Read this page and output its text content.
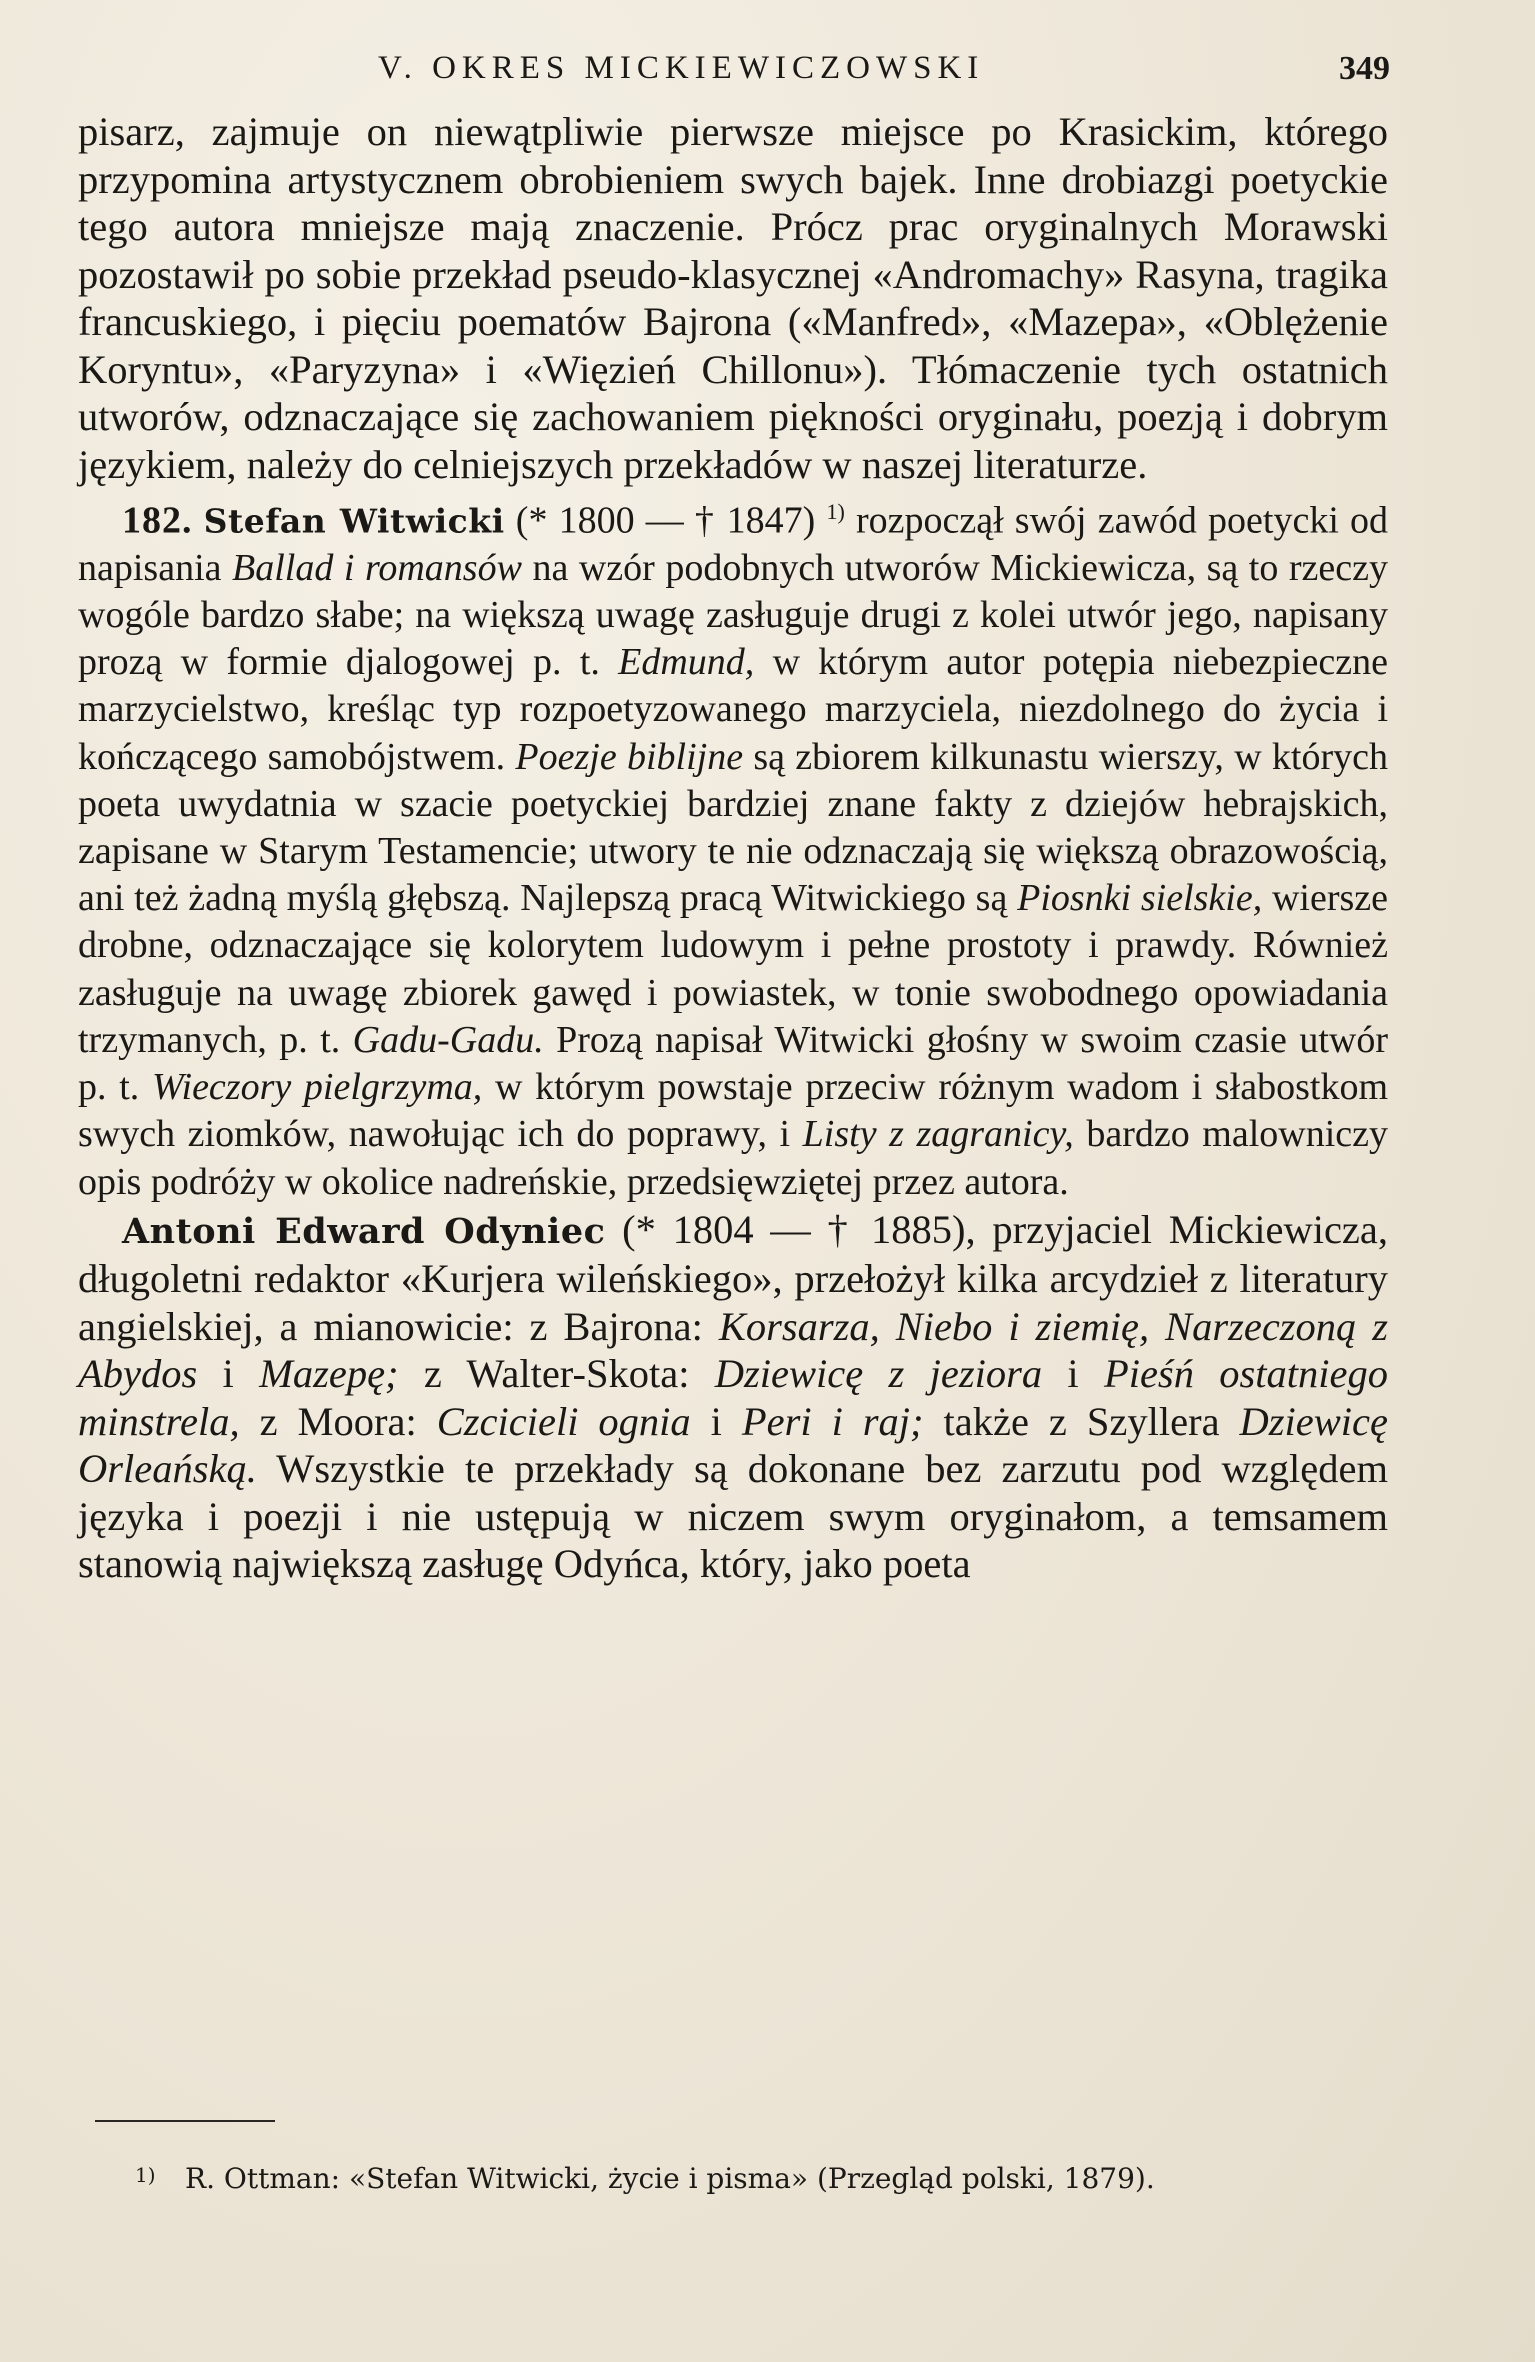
V. OKRES MICKIEWICZOWSKI	349

pisarz, zajmuje on niewątpliwie pierwsze miejsce po Krasickim, którego przypomina artystycznem obrobieniem swych bajek. Inne drobiazgi poetyckie tego autora mniejsze mają znaczenie. Prócz prac oryginalnych Morawski pozostawił po sobie przekład pseudo-klasycznej «Andromachy» Rasyna, tragika francuskiego, i pięciu poematów Bajrona («Manfred», «Mazepa», «Oblężenie Koryntu», «Paryzyna» i «Więzień Chillonu»). Tłómaczenie tych ostatnich utworów, odznaczające się zachowaniem piękności oryginału, poezją i dobrym językiem, należy do celniejszych przekładów w naszej literaturze.

182. Stefan Witwicki (* 1800 — † 1847) $^{1)}$ rozpoczął swój zawód poetycki od napisania Ballad i romansów na wzór podobnych utworów Mickiewicza, są to rzeczy wogóle bardzo słabe; na większą uwagę zasługuje drugi z kolei utwór jego, napisany prozą w formie djalogowej p. t. Edmund, w którym autor potępia niebezpieczne marzycielstwo, kreśląc typ rozpoetyzowanego marzyciela, niezdolnego do życia i kończącego samobójstwem. Poezje biblijne są zbiorem kilkunastu wierszy, w których poeta uwydatnia w szacie poetyckiej bardziej znane fakty z dziejów hebrajskich, zapisane w Starym Testamencie; utwory te nie odznaczają się większą obrazowością, ani też żadną myślą głębszą. Najlepszą pracą Witwickiego są Piosnki sielskie, wiersze drobne, odznaczające się kolorytem ludowym i pełne prostoty i prawdy. Również zasługuje na uwagę zbiorek gawęd i powiastek, w tonie swobodnego opowiadania trzymanych, p. t. Gadu-Gadu. Prozą napisał Witwicki głośny w swoim czasie utwór p. t. Wieczory pielgrzyma, w którym powstaje przeciw różnym wadom i słabostkom swych ziomków, nawołując ich do poprawy, i Listy z zagranicy, bardzo malowniczy opis podróży w okolice nadreńskie, przedsięwziętej przez autora.

Antoni Edward Odyniec (* 1804 — † 1885), przyjaciel Mickiewicza, długoletni redaktor «Kurjera wileńskiego», przełożył kilka arcydzieł z literatury angielskiej, a mianowicie: z Bajrona: Korsarza, Niebo i ziemię, Narzeczoną z Abydos i Mazepę; z Walter-Skota: Dziewicę z jeziora i Pieśń ostatniego minstrela, z Moora: Czcicieli ognia i Peri i raj; także z Szyllera Dziewicę Orleańską. Wszystkie te przekłady są dokonane bez zarzutu pod względem języka i poezji i nie ustępują w niczem swym oryginałom, a temsamem stanowią największą zasługę Odyńca, który, jako poeta

1) R. Ottman: «Stefan Witwicki, życie i pisma» (Przegląd polski, 1879).
